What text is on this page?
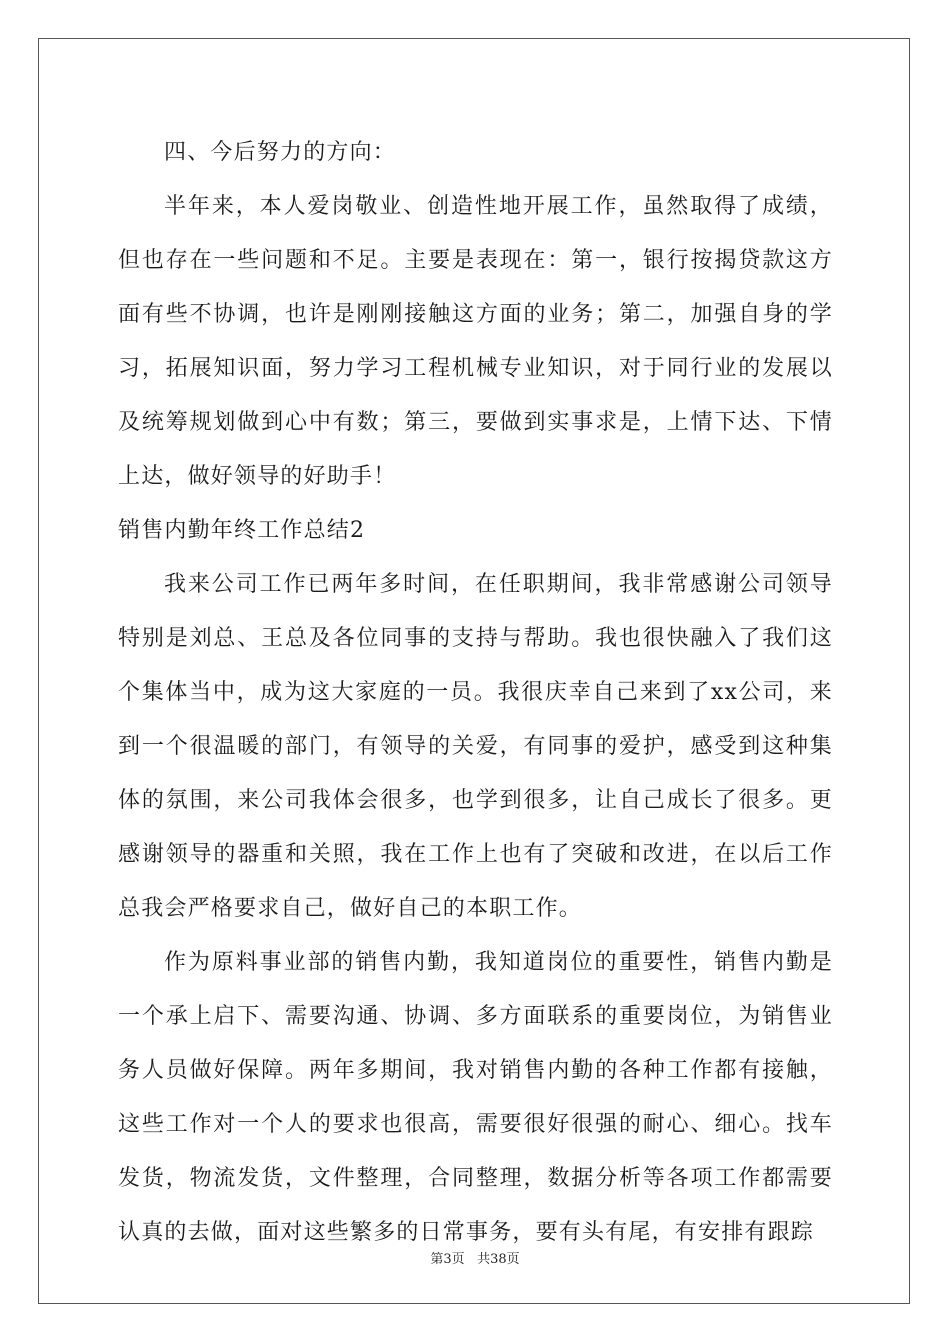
四、今后努力的方向：

半年来，本人爱岗敬业、创造性地开展工作，虽然取得了成绩，但也存在一些问题和不足。主要是表现在：第一，银行按揭贷款这方面有些不协调，也许是刚刚接触这方面的业务；第二，加强自身的学习，拓展知识面，努力学习工程机械专业知识，对于同行业的发展以及统筹规划做到心中有数；第三，要做到实事求是，上情下达、下情上达，做好领导的好助手！

销售内勤年终工作总结2

我来公司工作已两年多时间，在任职期间，我非常感谢公司领导特别是刘总、王总及各位同事的支持与帮助。我也很快融入了我们这个集体当中，成为这大家庭的一员。我很庆幸自己来到了xx公司，来到一个很温暖的部门，有领导的关爱，有同事的爱护，感受到这种集体的氛围，来公司我体会很多，也学到很多，让自己成长了很多。更感谢领导的器重和关照，我在工作上也有了突破和改进，在以后工作总我会严格要求自己，做好自己的本职工作。

作为原料事业部的销售内勤，我知道岗位的重要性，销售内勤是一个承上启下、需要沟通、协调、多方面联系的重要岗位，为销售业务人员做好保障。两年多期间，我对销售内勤的各种工作都有接触，这些工作对一个人的要求也很高，需要很好很强的耐心、细心。找车发货，物流发货，文件整理，合同整理，数据分析等各项工作都需要认真的去做，面对这些繁多的日常事务，要有头有尾，有安排有跟踪

第3页 共38页
